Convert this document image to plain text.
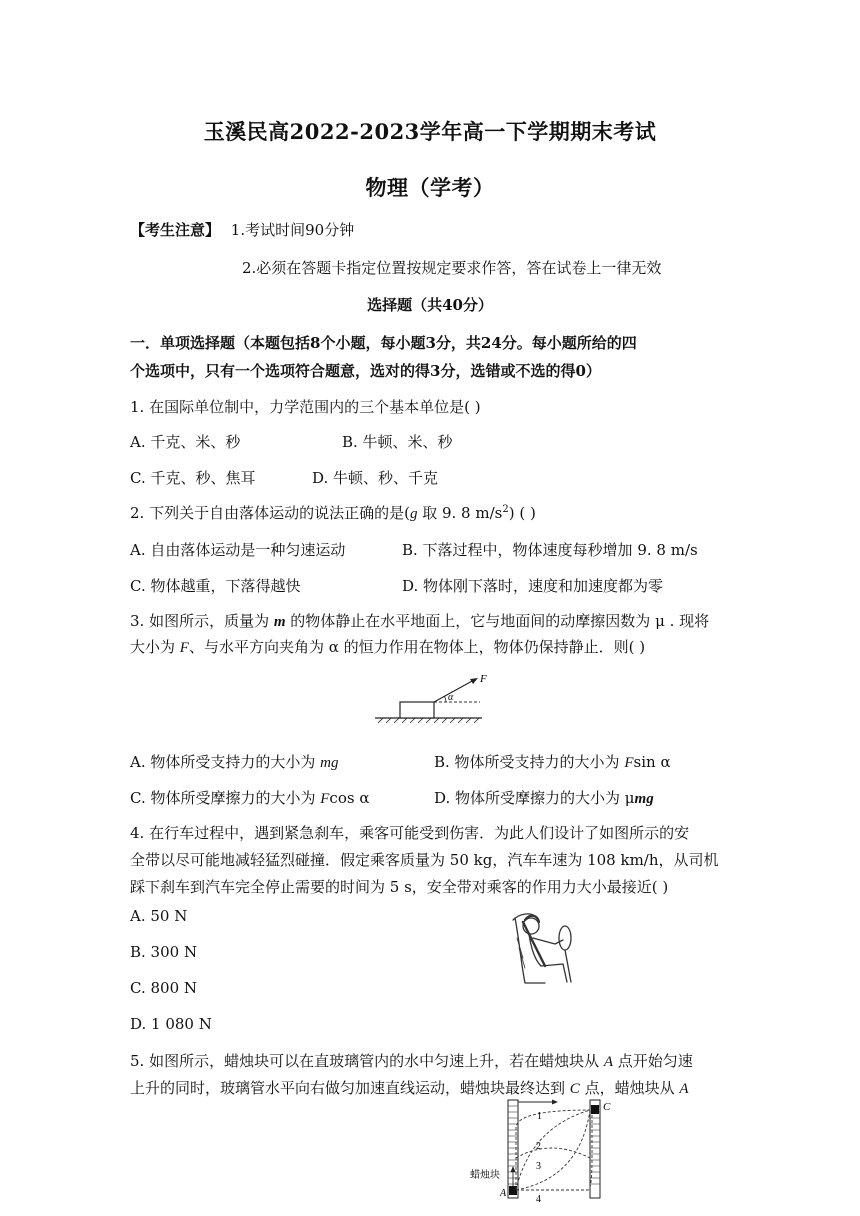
玉溪民高2022-2023学年高一下学期期末考试
物理（学考）
【考生注意】 1.考试时间90分钟
2.必须在答题卡指定位置按规定要求作答，答在试卷上一律无效
选择题（共40分）
一．单项选择题（本题包括8个小题，每小题3分，共24分。每小题所给的四
个选项中，只有一个选项符合题意，选对的得3分，选错或不选的得0）
1. 在国际单位制中，力学范围内的三个基本单位是( )
A. 千克、米、秒	B. 牛顿、米、秒
C. 千克、秒、焦耳	D. 牛顿、秒、千克
2. 下列关于自由落体运动的说法正确的是(g 取 9. 8 $m/s^2$) ( )
A. 自由落体运动是一种匀速运动	B. 下落过程中，物体速度每秒增加 9. 8 m/s
C. 物体越重，下落得越快	D. 物体刚下落时，速度和加速度都为零
3. 如图所示，质量为 m 的物体静止在水平地面上，它与地面间的动摩擦因数为 μ . 现将
大小为 F、与水平方向夹角为 α 的恒力作用在物体上，物体仍保持静止．则( )
F
α
A. 物体所受支持力的大小为 mg	B. 物体所受支持力的大小为 Fsin α
C. 物体所受摩擦力的大小为 Fcos α	D. 物体所受摩擦力的大小为 μmg
4. 在行车过程中，遇到紧急刹车，乘客可能受到伤害．为此人们设计了如图所示的安
全带以尽可能地减轻猛烈碰撞．假定乘客质量为 50 kg，汽车车速为 108 km/h，从司机
踩下刹车到汽车完全停止需要的时间为 5 s，安全带对乘客的作用力大小最接近( )
A. 50 N
B. 300 N
C. 800 N
D. 1 080 N
5. 如图所示，蜡烛块可以在直玻璃管内的水中匀速上升，若在蜡烛块从 A 点开始匀速
上升的同时，玻璃管水平向右做匀加速直线运动，蜡烛块最终达到 C 点，蜡烛块从 A
1
2
3
4
C
A
蜡烛块
